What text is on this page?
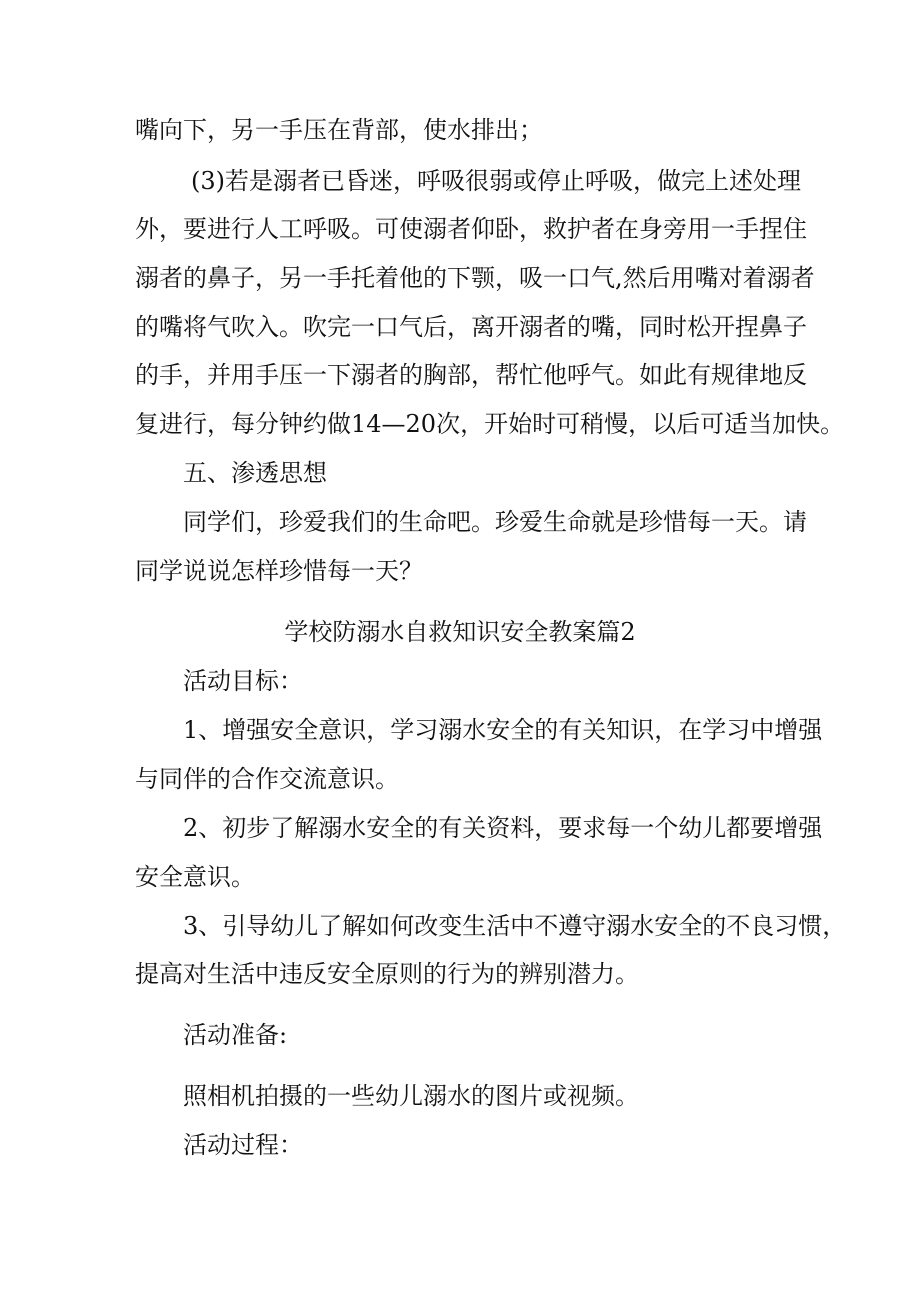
嘴向下，另一手压在背部，使水排出；
(3)若是溺者已昏迷，呼吸很弱或停止呼吸，做完上述处理
外，要进行人工呼吸。可使溺者仰卧，救护者在身旁用一手捏住
溺者的鼻子，另一手托着他的下颚，吸一口气,然后用嘴对着溺者
的嘴将气吹入。吹完一口气后，离开溺者的嘴，同时松开捏鼻子
的手，并用手压一下溺者的胸部，帮忙他呼气。如此有规律地反
复进行，每分钟约做14—20次，开始时可稍慢，以后可适当加快。
五、渗透思想
同学们，珍爱我们的生命吧。珍爱生命就是珍惜每一天。请
同学说说怎样珍惜每一天？
学校防溺水自救知识安全教案篇2
活动目标：
1、增强安全意识，学习溺水安全的有关知识，在学习中增强
与同伴的合作交流意识。
2、初步了解溺水安全的有关资料，要求每一个幼儿都要增强
安全意识。
3、引导幼儿了解如何改变生活中不遵守溺水安全的不良习惯，
提高对生活中违反安全原则的行为的辨别潜力。
活动准备:
照相机拍摄的一些幼儿溺水的图片或视频。
活动过程：
